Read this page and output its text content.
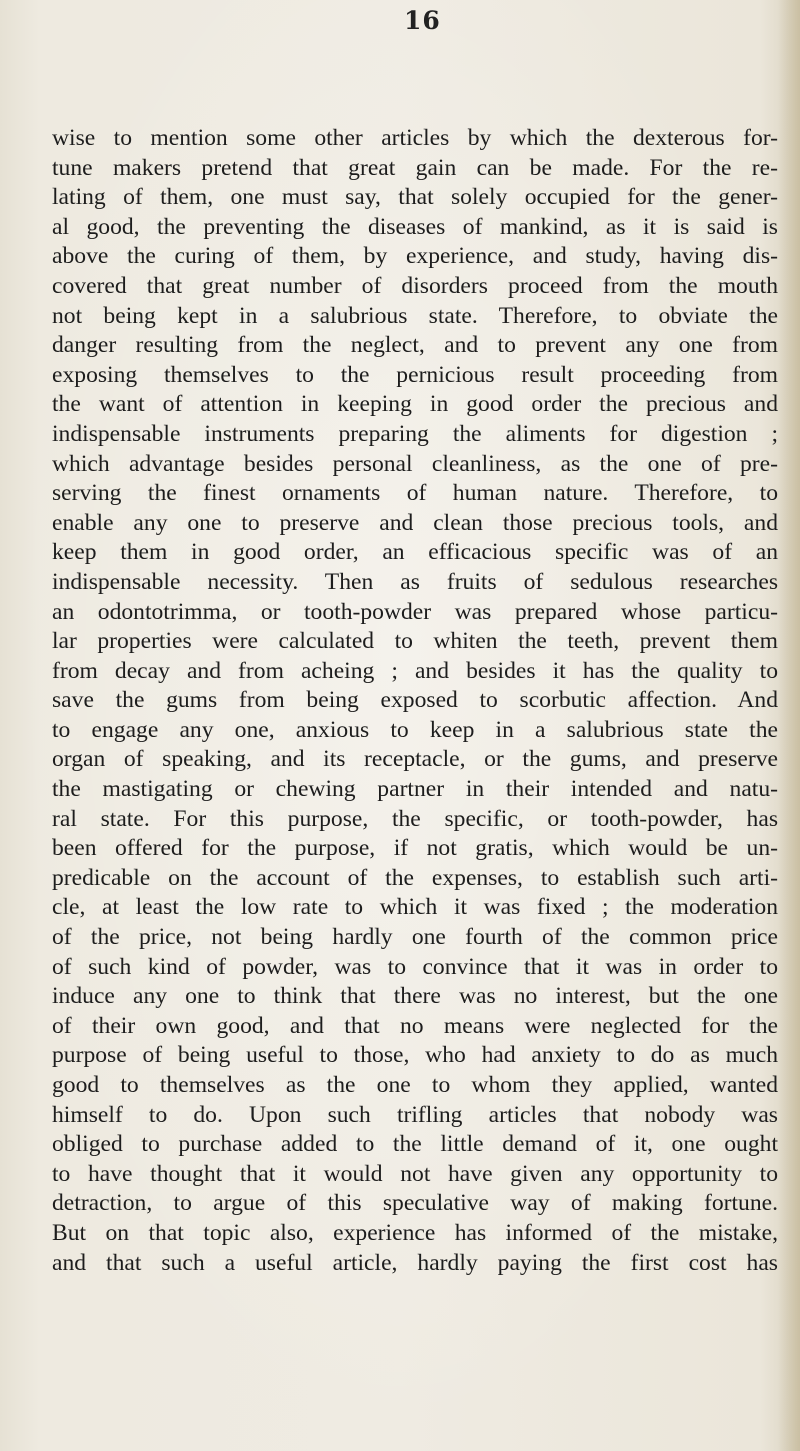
16
wise to mention some other articles by which the dexterous for-
tune makers pretend that great gain can be made. For the re-
lating of them, one must say, that solely occupied for the gener-
al good, the preventing the diseases of mankind, as it is said is
above the curing of them, by experience, and study, having dis-
covered that great number of disorders proceed from the mouth
not being kept in a salubrious state. Therefore, to obviate the
danger resulting from the neglect, and to prevent any one from
exposing themselves to the pernicious result proceeding from
the want of attention in keeping in good order the precious and
indispensable instruments preparing the aliments for digestion ;
which advantage besides personal cleanliness, as the one of pre-
serving the finest ornaments of human nature. Therefore, to
enable any one to preserve and clean those precious tools, and
keep them in good order, an efficacious specific was of an
indispensable necessity. Then as fruits of sedulous researches
an odontotrimma, or tooth-powder was prepared whose particu-
lar properties were calculated to whiten the teeth, prevent them
from decay and from acheing ; and besides it has the quality to
save the gums from being exposed to scorbutic affection. And
to engage any one, anxious to keep in a salubrious state the
organ of speaking, and its receptacle, or the gums, and preserve
the mastigating or chewing partner in their intended and natu-
ral state. For this purpose, the specific, or tooth-powder, has
been offered for the purpose, if not gratis, which would be un-
predicable on the account of the expenses, to establish such arti-
cle, at least the low rate to which it was fixed ; the moderation
of the price, not being hardly one fourth of the common price
of such kind of powder, was to convince that it was in order to
induce any one to think that there was no interest, but the one
of their own good, and that no means were neglected for the
purpose of being useful to those, who had anxiety to do as much
good to themselves as the one to whom they applied, wanted
himself to do. Upon such trifling articles that nobody was
obliged to purchase added to the little demand of it, one ought
to have thought that it would not have given any opportunity to
detraction, to argue of this speculative way of making fortune.
But on that topic also, experience has informed of the mistake,
and that such a useful article, hardly paying the first cost has
